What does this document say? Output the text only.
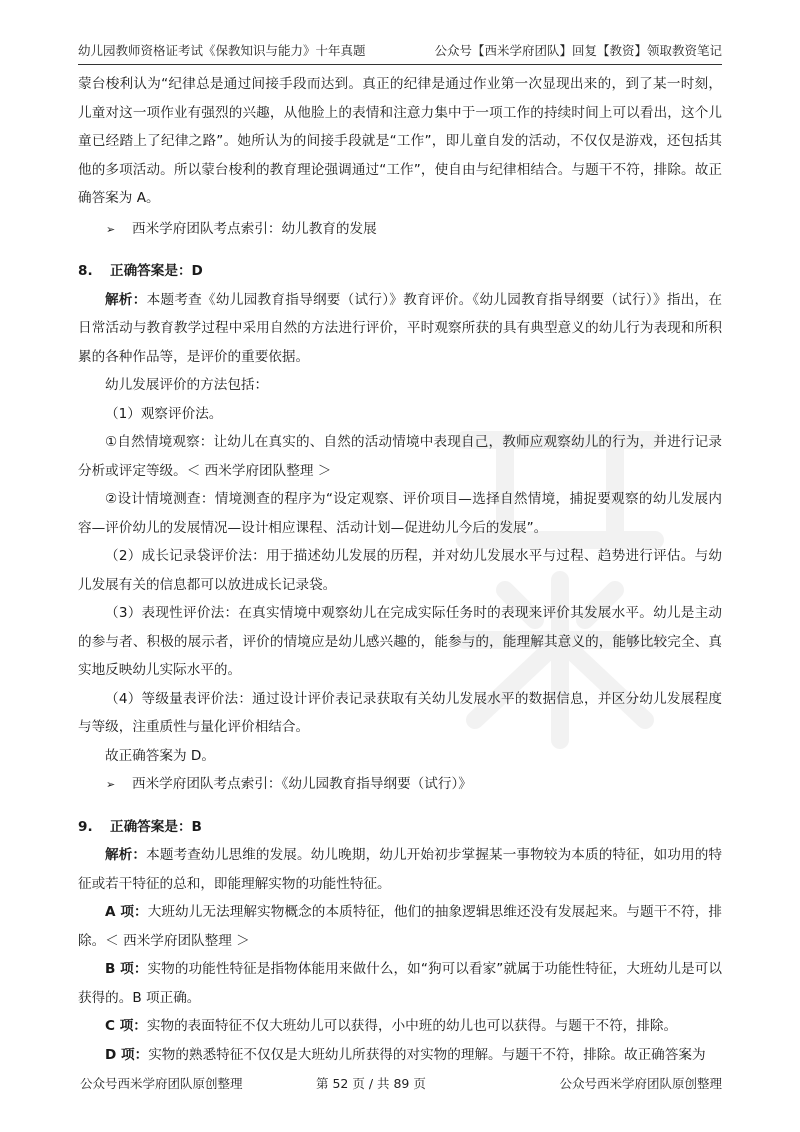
幼儿园教师资格证考试《保教知识与能力》十年真题	公众号【西米学府团队】回复【教资】领取教资笔记

蒙台梭利认为“纪律总是通过间接手段而达到。真正的纪律是通过作业第一次显现出来的，到了某一时刻，儿童对这一项作业有强烈的兴趣，从他脸上的表情和注意力集中于一项工作的持续时间上可以看出，这个儿童已经踏上了纪律之路”。她所认为的间接手段就是“工作”，即儿童自发的活动，不仅仅是游戏，还包括其他的多项活动。所以蒙台梭利的教育理论强调通过“工作”，使自由与纪律相结合。与题干不符，排除。故正确答案为 A。

➢ 西米学府团队考点索引：幼儿教育的发展

8. 正确答案是：D

解析：本题考查《幼儿园教育指导纲要（试行）》教育评价。《幼儿园教育指导纲要（试行）》指出，在日常活动与教育教学过程中采用自然的方法进行评价，平时观察所获的具有典型意义的幼儿行为表现和所积累的各种作品等，是评价的重要依据。

幼儿发展评价的方法包括：

（1）观察评价法。

①自然情境观察：让幼儿在真实的、自然的活动情境中表现自己，教师应观察幼儿的行为，并进行记录分析或评定等级。＜ 西米学府团队整理 ＞

②设计情境测查：情境测查的程序为“设定观察、评价项目—选择自然情境，捕捉要观察的幼儿发展内容—评价幼儿的发展情况—设计相应课程、活动计划—促进幼儿今后的发展”。

（2）成长记录袋评价法：用于描述幼儿发展的历程，并对幼儿发展水平与过程、趋势进行评估。与幼儿发展有关的信息都可以放进成长记录袋。

（3）表现性评价法：在真实情境中观察幼儿在完成实际任务时的表现来评价其发展水平。幼儿是主动的参与者、积极的展示者，评价的情境应是幼儿感兴趣的，能参与的，能理解其意义的，能够比较完全、真实地反映幼儿实际水平的。

（4）等级量表评价法：通过设计评价表记录获取有关幼儿发展水平的数据信息，并区分幼儿发展程度与等级，注重质性与量化评价相结合。

故正确答案为 D。

➢ 西米学府团队考点索引：《幼儿园教育指导纲要（试行）》

9. 正确答案是：B

解析：本题考查幼儿思维的发展。幼儿晚期，幼儿开始初步掌握某一事物较为本质的特征，如功用的特征或若干特征的总和，即能理解实物的功能性特征。

A 项：大班幼儿无法理解实物概念的本质特征，他们的抽象逻辑思维还没有发展起来。与题干不符，排除。＜ 西米学府团队整理 ＞

B 项：实物的功能性特征是指物体能用来做什么，如“狗可以看家”就属于功能性特征，大班幼儿是可以获得的。B 项正确。

C 项：实物的表面特征不仅大班幼儿可以获得，小中班的幼儿也可以获得。与题干不符，排除。

D 项：实物的熟悉特征不仅仅是大班幼儿所获得的对实物的理解。与题干不符，排除。故正确答案为

公众号西米学府团队原创整理	第 52 页 / 共 89 页	公众号西米学府团队原创整理
